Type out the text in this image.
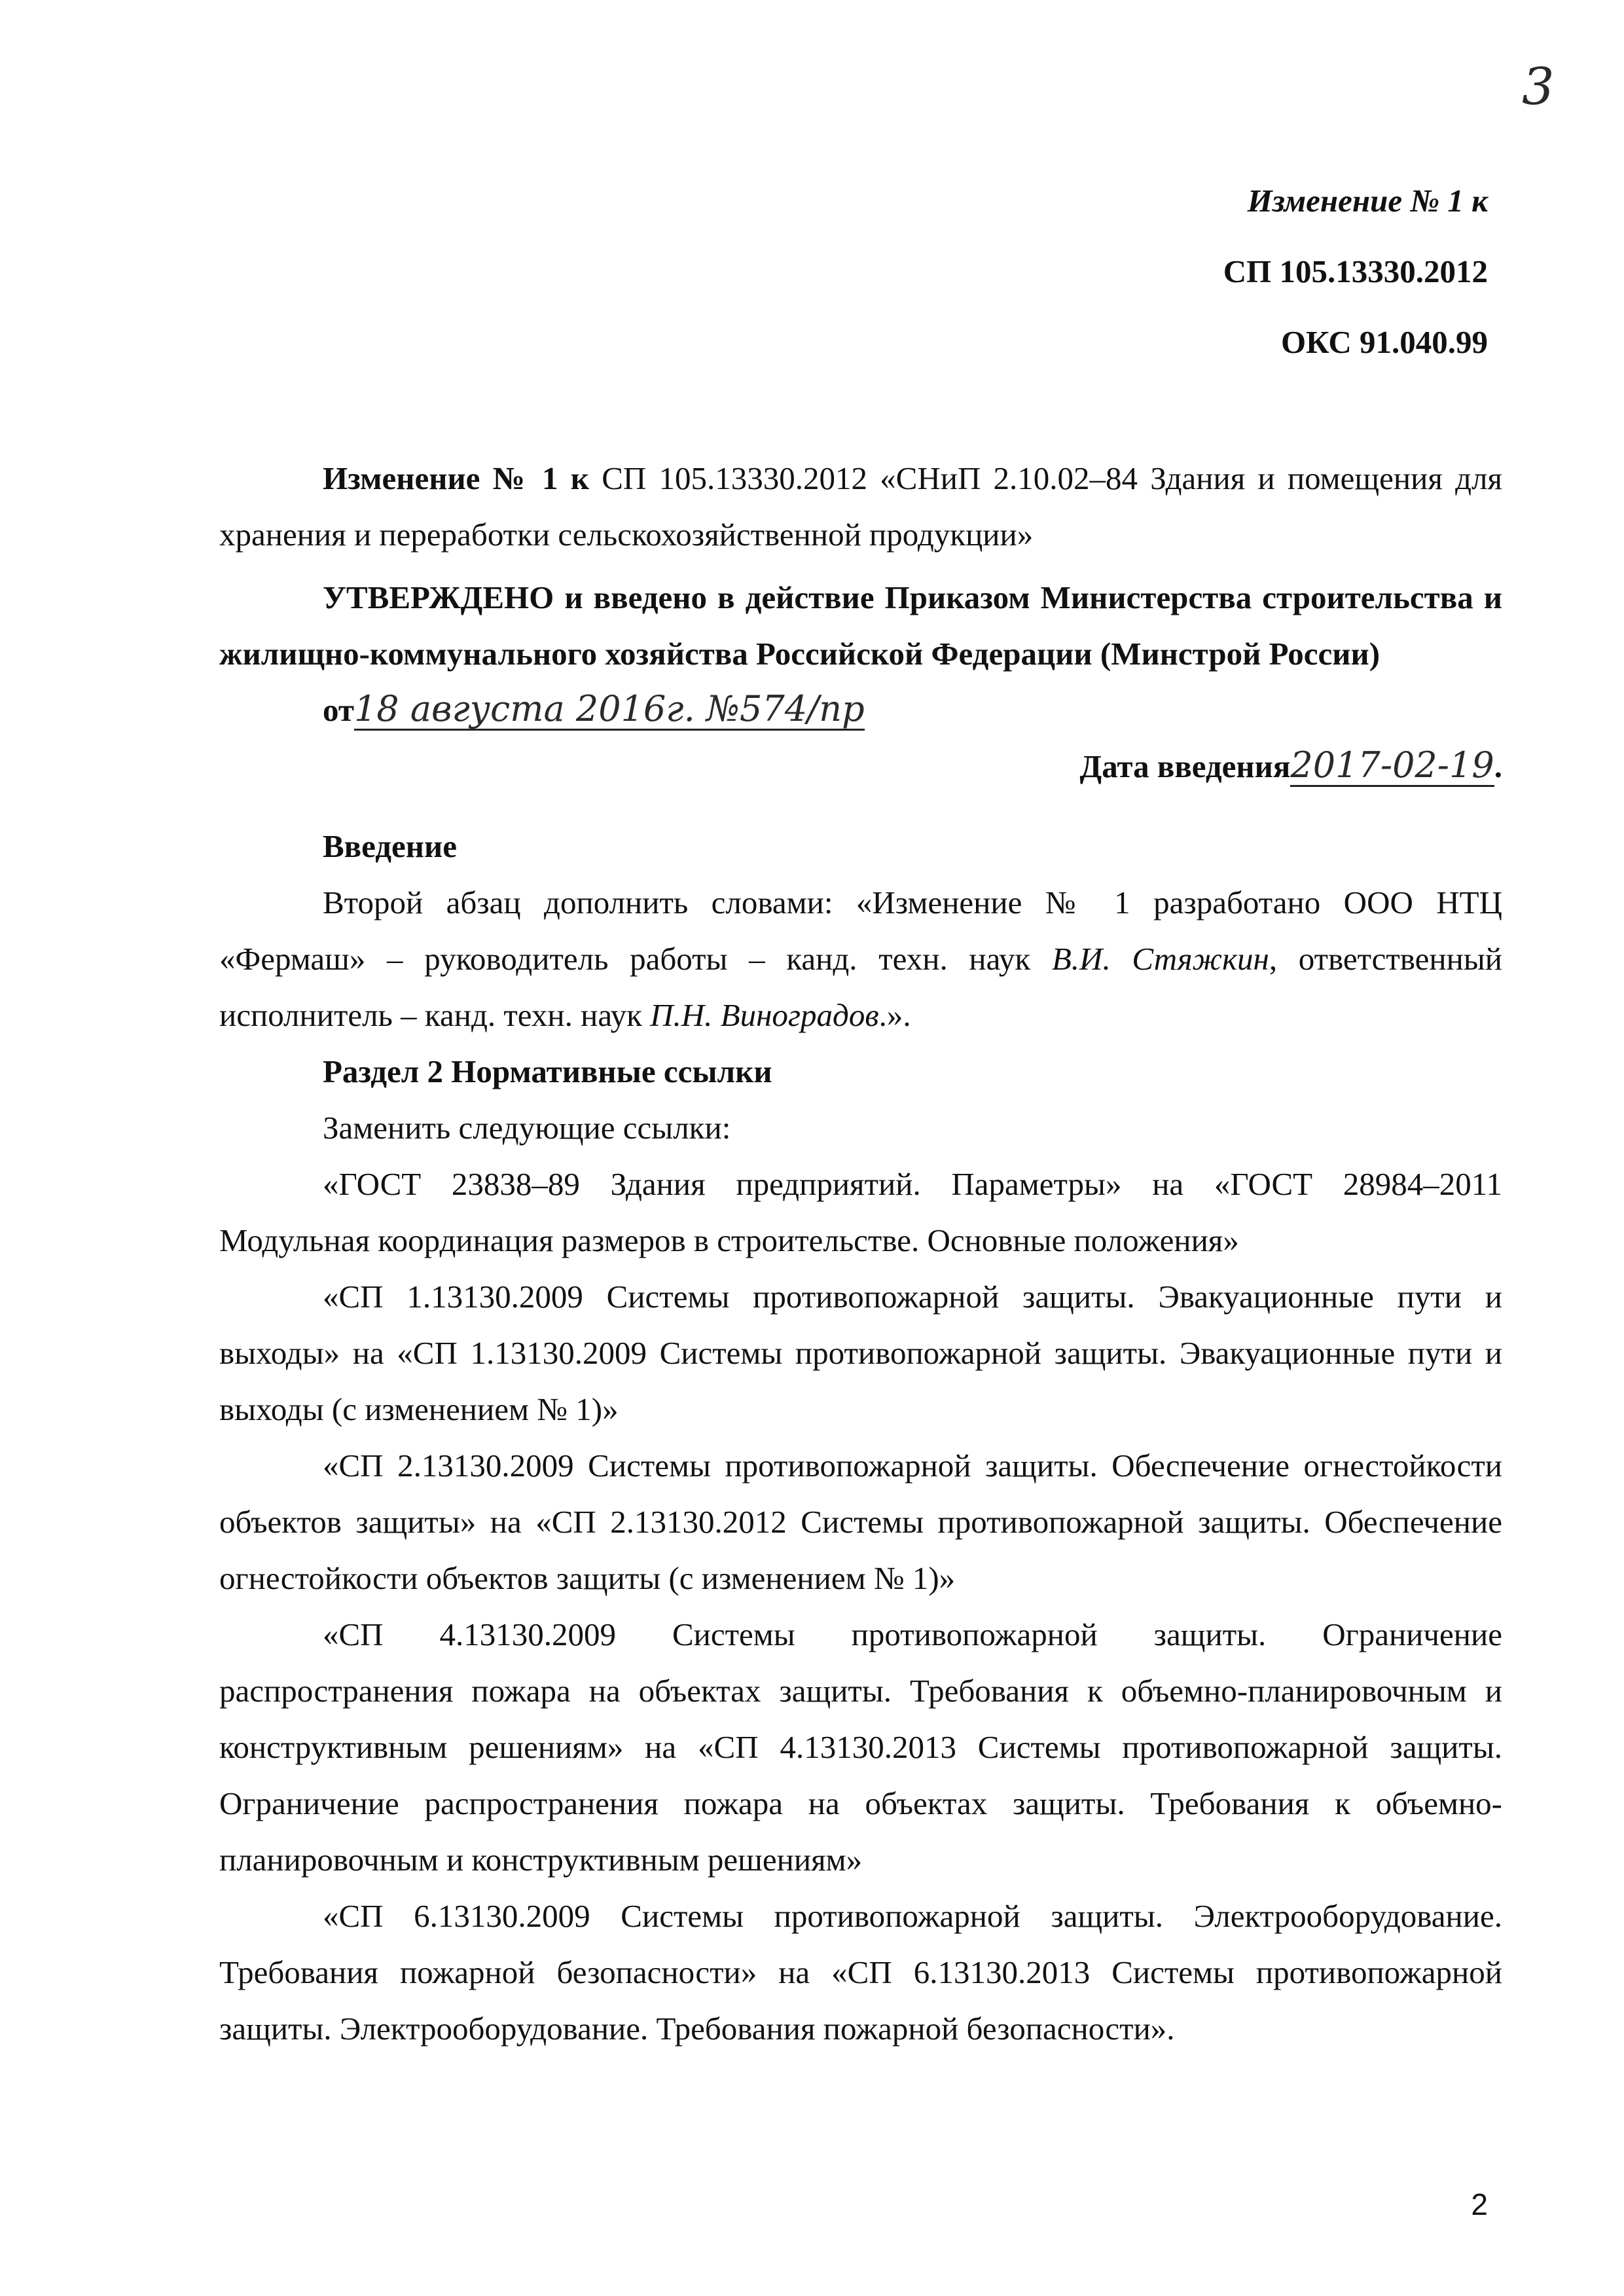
3
Изменение № 1 к
СП 105.13330.2012
ОКС 91.040.99

Изменение № 1 к СП 105.13330.2012 «СНиП 2.10.02–84 Здания и помещения для хранения и переработки сельскохозяйственной продукции»

УТВЕРЖДЕНО и введено в действие Приказом Министерства строительства и жилищно-коммунального хозяйства Российской Федерации (Минстрой России)

от18 августа 2016г. №574/пр

Дата введения2017-02-19.

Введение

Второй абзац дополнить словами: «Изменение № 1 разработано ООО НТЦ «Фермаш» – руководитель работы – канд. техн. наук В.И. Стяжкин, ответственный исполнитель – канд. техн. наук П.Н. Виноградов.».

Раздел 2 Нормативные ссылки

Заменить следующие ссылки:

«ГОСТ 23838–89 Здания предприятий. Параметры» на «ГОСТ 28984–2011 Модульная координация размеров в строительстве. Основные положения»

«СП 1.13130.2009 Системы противопожарной защиты. Эвакуационные пути и выходы» на «СП 1.13130.2009 Системы противопожарной защиты. Эвакуационные пути и выходы (с изменением № 1)»

«СП 2.13130.2009 Системы противопожарной защиты. Обеспечение огнестойкости объектов защиты» на «СП 2.13130.2012 Системы противопожарной защиты. Обеспечение огнестойкости объектов защиты (с изменением № 1)»

«СП 4.13130.2009 Системы противопожарной защиты. Ограничение распространения пожара на объектах защиты. Требования к объемно-планировочным и конструктивным решениям» на «СП 4.13130.2013 Системы противопожарной защиты. Ограничение распространения пожара на объектах защиты. Требования к объемно-планировочным и конструктивным решениям»

«СП 6.13130.2009 Системы противопожарной защиты. Электрооборудование. Требования пожарной безопасности» на «СП 6.13130.2013 Системы противопожарной защиты. Электрооборудование. Требования пожарной безопасности».

2
